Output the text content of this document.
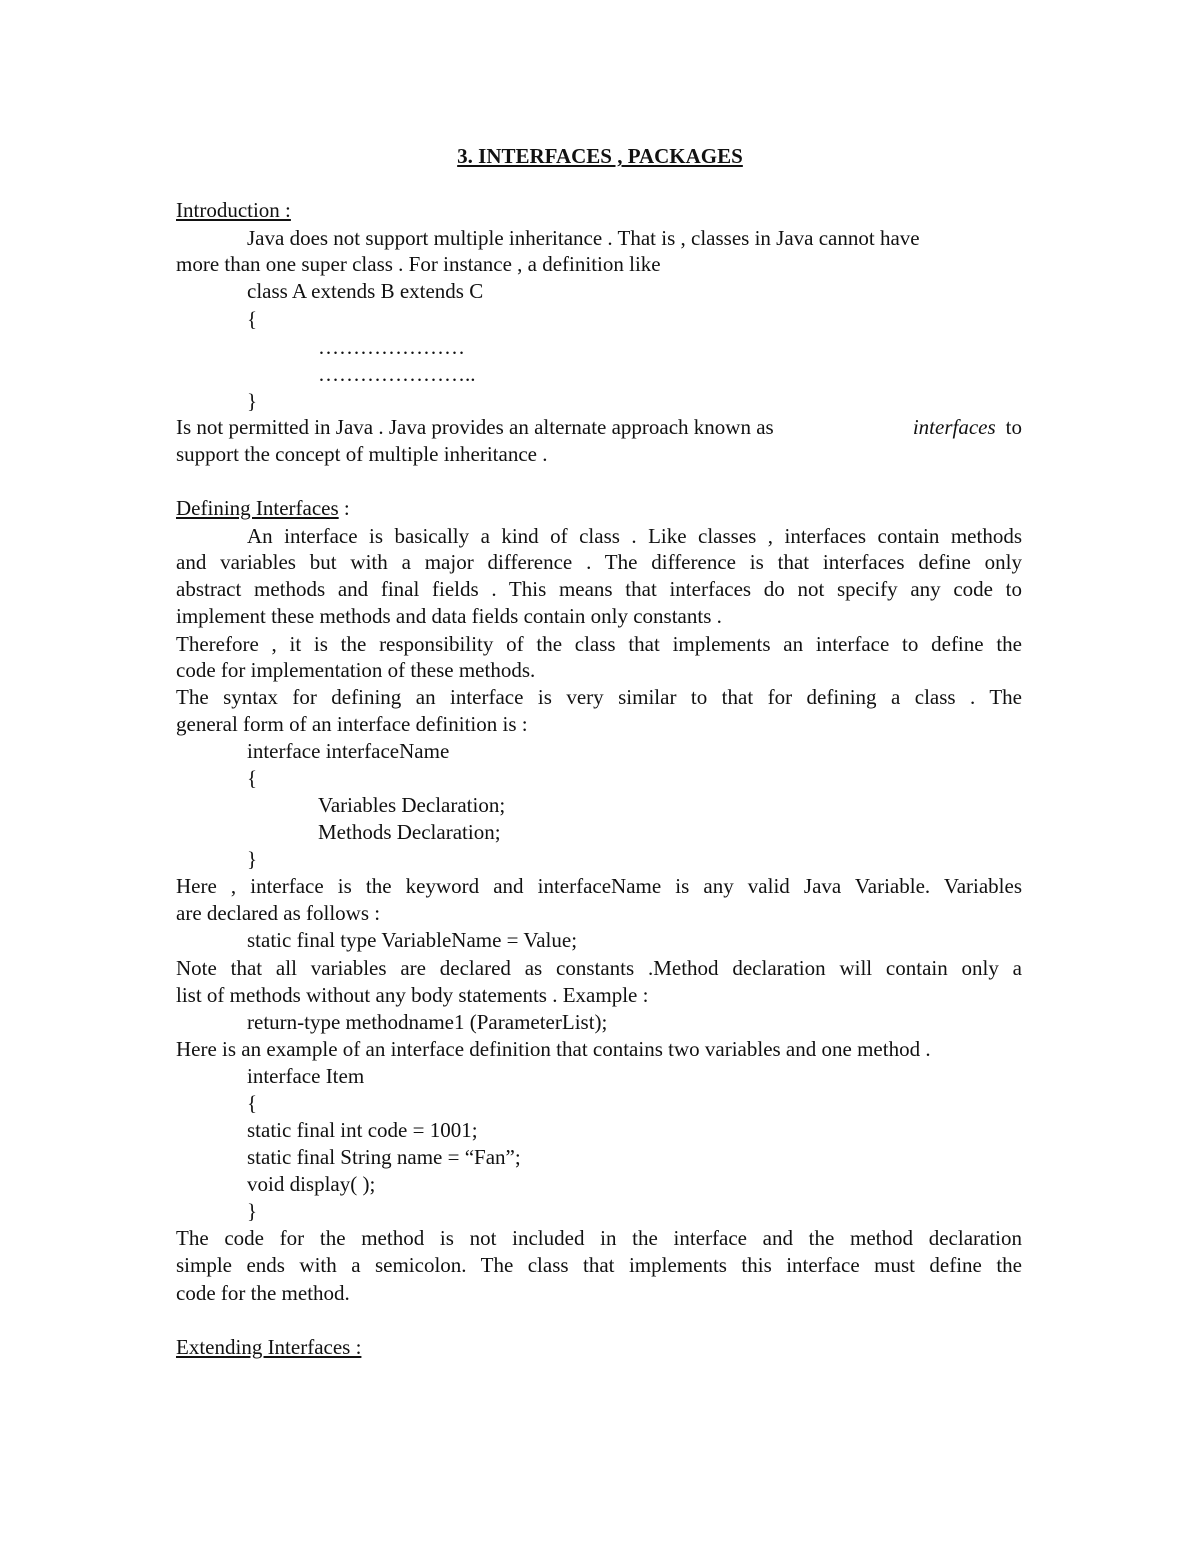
3. INTERFACES , PACKAGES
Introduction :
Java does not support multiple inheritance . That is , classes in Java cannot have
more than one super class . For instance , a definition like
class A extends B extends C
{
…………………
…………………..
}
Is not permitted in Java . Java provides an alternate approach known as	interfaces to
support the concept of multiple inheritance .
Defining Interfaces :
An interface is basically a kind of class . Like classes , interfaces contain methods
and variables but with a major difference . The difference is that interfaces define only
abstract methods and final fields . This means that interfaces do not specify any code to
implement these methods and data fields contain only constants .
Therefore , it is the responsibility of the class that implements an interface to define the
code for implementation of these methods.
The syntax for defining an interface is very similar to that for defining a class . The
general form of an interface definition is :
interface interfaceName
{
Variables Declaration;
Methods Declaration;
}
Here , interface is the keyword and interfaceName is any valid Java Variable. Variables
are declared as follows :
static final type VariableName = Value;
Note that all variables are declared as constants .Method declaration will contain only a
list of methods without any body statements . Example :
return-type methodname1 (ParameterList);
Here is an example of an interface definition that contains two variables and one method .
interface Item
{
static final int code = 1001;
static final String name = “Fan”;
void display( );
}
The code for the method is not included in the interface and the method declaration
simple ends with a semicolon. The class that implements this interface must define the
code for the method.
Extending Interfaces :
